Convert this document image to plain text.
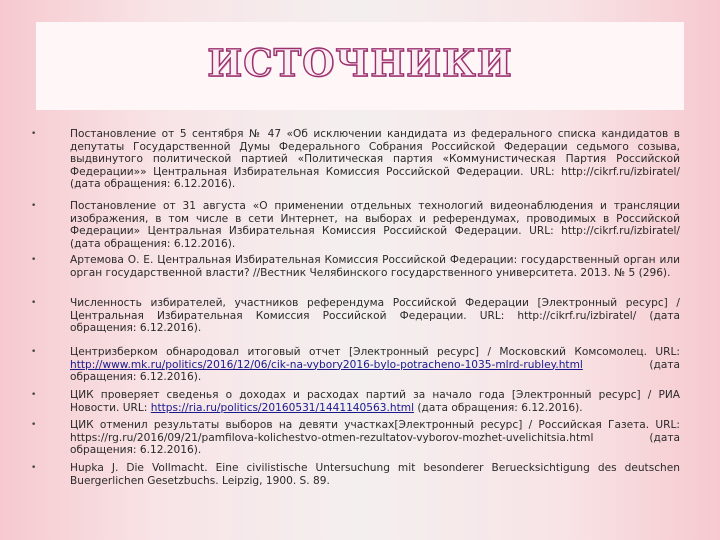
ИСТОЧНИКИ
•	Постановление от 5 сентября № 47 «Об исключении кандидата из федерального списка кандидатов в депутаты Государственной Думы Федерального Собрания Российской Федерации седьмого созыва, выдвинутого политической партией «Политическая партия «Коммунистическая Партия Российской Федерации»» Центральная Избирательная Комиссия Российской Федерации. URL: http://cikrf.ru/izbiratel/ (дата обращения: 6.12.2016).
•	Постановление от 31 августа «О применении отдельных технологий видеонаблюдения и трансляции изображения, в том числе в сети Интернет, на выборах и референдумах, проводимых в Российской Федерации» Центральная Избирательная Комиссия Российской Федерации. URL: http://cikrf.ru/izbiratel/ (дата обращения: 6.12.2016).
•	Артемова О. Е. Центральная Избирательная Комиссия Российской Федерации: государственный орган или орган государственной власти? //Вестник Челябинского государственного университета. 2013. № 5 (296).
•	Численность избирателей, участников референдума Российской Федерации [Электронный ресурс] / Центральная Избирательная Комиссия Российской Федерации. URL: http://cikrf.ru/izbiratel/ (дата обращения: 6.12.2016).
•	Центризберком обнародовал итоговый отчет [Электронный ресурс] / Московский Комсомолец. URL: http://www.mk.ru/politics/2016/12/06/cik-na-vybory2016-bylo-potracheno-1035-mlrd-rubley.html (дата обращения: 6.12.2016).
•	ЦИК проверяет сведенья о доходах и расходах партий за начало года [Электронный ресурс] / РИА Новости. URL: https://ria.ru/politics/20160531/1441140563.html (дата обращения: 6.12.2016).
•	ЦИК отменил результаты выборов на девяти участках[Электронный ресурс] / Российская Газета. URL: https://rg.ru/2016/09/21/pamfilova-kolichestvo-otmen-rezultatov-vyborov-mozhet-uvelichitsia.html (дата обращения: 6.12.2016).
•	Hupka J. Die Vollmacht. Eine civilistische Untersuchung mit besonderer Beruecksichtigung des deutschen Buergerlichen Gesetzbuchs. Leipzig, 1900. S. 89.
